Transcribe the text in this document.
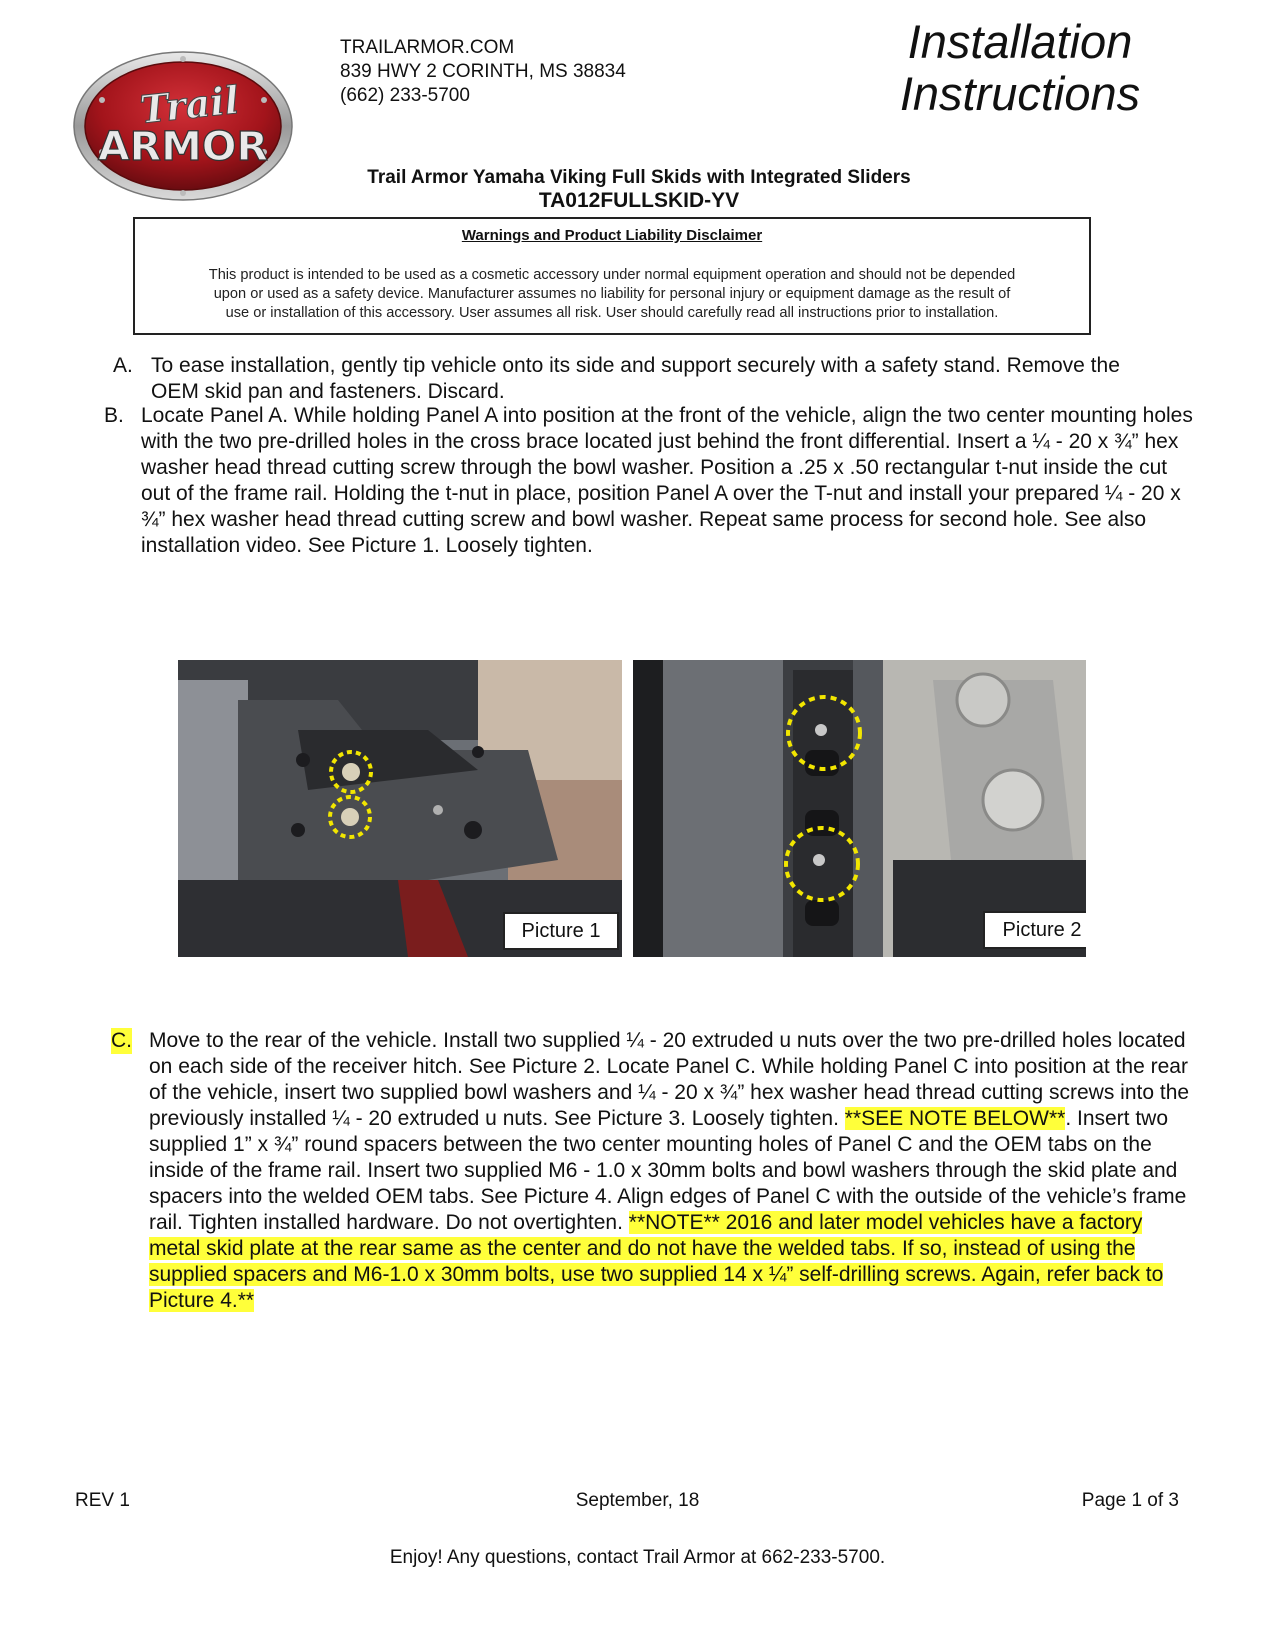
Trail
ARMOR
TRAILARMOR.COM
839 HWY 2 CORINTH, MS 38834
(662) 233-5700
Installation
Instructions
Trail Armor Yamaha Viking Full Skids with Integrated Sliders
TA012FULLSKID-YV
Warnings and Product Liability Disclaimer
This product is intended to be used as a cosmetic accessory under normal equipment operation and should not be depended
upon or used as a safety device. Manufacturer assumes no liability for personal injury or equipment damage as the result of
use or installation of this accessory. User assumes all risk. User should carefully read all instructions prior to installation.
A. To ease installation, gently tip vehicle onto its side and support securely with a safety stand. Remove the OEM skid pan and fasteners. Discard.
B. Locate Panel A. While holding Panel A into position at the front of the vehicle, align the two center mounting holes with the two pre-drilled holes in the cross brace located just behind the front differential. Insert a ¼ - 20 x ¾” hex washer head thread cutting screw through the bowl washer. Position a .25 x .50 rectangular t-nut inside the cut out of the frame rail. Holding the t-nut in place, position Panel A over the T-nut and install your prepared ¼ - 20 x ¾” hex washer head thread cutting screw and bowl washer. Repeat same process for second hole. See also installation video. See Picture 1. Loosely tighten.
Picture 1	Picture 2
C. Move to the rear of the vehicle. Install two supplied ¼ - 20 extruded u nuts over the two pre-drilled holes located on each side of the receiver hitch. See Picture 2. Locate Panel C. While holding Panel C into position at the rear of the vehicle, insert two supplied bowl washers and ¼ - 20 x ¾” hex washer head thread cutting screws into the previously installed ¼ - 20 extruded u nuts. See Picture 3. Loosely tighten. **SEE NOTE BELOW**. Insert two supplied 1” x ¾” round spacers between the two center mounting holes of Panel C and the OEM tabs on the inside of the frame rail. Insert two supplied M6 - 1.0 x 30mm bolts and bowl washers through the skid plate and spacers into the welded OEM tabs. See Picture 4. Align edges of Panel C with the outside of the vehicle’s frame rail. Tighten installed hardware. Do not overtighten. **NOTE** 2016 and later model vehicles have a factory metal skid plate at the rear same as the center and do not have the welded tabs. If so, instead of using the supplied spacers and M6-1.0 x 30mm bolts, use two supplied 14 x ¼” self-drilling screws. Again, refer back to Picture 4.**
REV 1	September, 18	Page 1 of 3
Enjoy! Any questions, contact Trail Armor at 662-233-5700.
